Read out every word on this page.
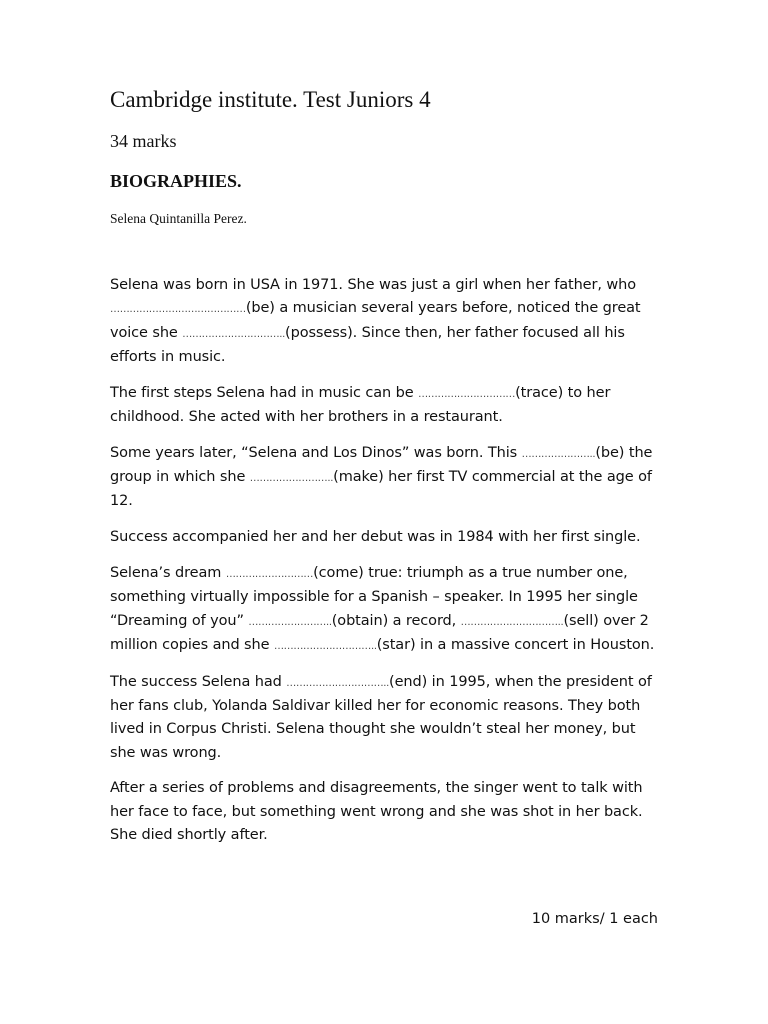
Cambridge institute. Test Juniors 4
34 marks
BIOGRAPHIES.
Selena Quintanilla Perez.

Selena was born in USA in 1971. She was just a girl when her father, who ……………………………………(be) a musician several years before, noticed the great voice she …………………………..(possess). Since then, her father focused all his efforts in music.

The first steps Selena had in music can be …………………………(trace) to her childhood. She acted with her brothers in a restaurant.

Some years later, “Selena and Los Dinos” was born. This …………………..(be) the group in which she ……………………..(make) her first TV commercial at the age of 12.

Success accompanied her and her debut was in 1984 with her first single.

Selena’s dream ………………………(come) true: triumph as a true number one, something virtually impossible for a Spanish – speaker. In 1995 her single “Dreaming of you” ……………………..(obtain) a record, …………………………..(sell) over 2 million copies and she …………………………..(star) in a massive concert in Houston.

The success Selena had …………………………..(end) in 1995, when the president of her fans club, Yolanda Saldivar killed her for economic reasons. They both lived in Corpus Christi. Selena thought she wouldn’t steal her money, but she was wrong.

After a series of problems and disagreements, the singer went to talk with her face to face, but something went wrong and she was shot in her back. She died shortly after.

10 marks/ 1 each
